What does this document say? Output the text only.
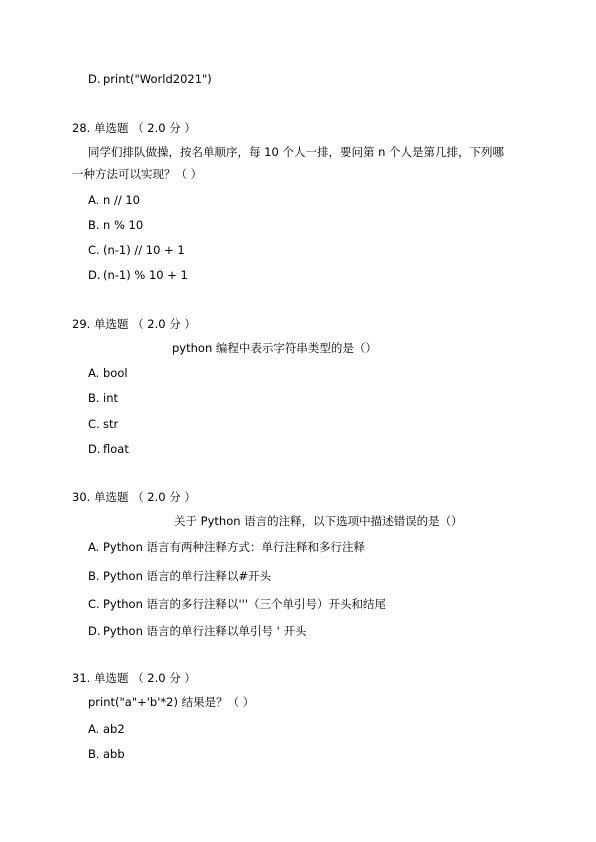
D. print("World2021")
28. 单选题 （ 2.0 分 ）
同学们排队做操，按名单顺序，每 10 个人一排，要问第 n 个人是第几排，下列哪
一种方法可以实现？（ ）
A. n // 10
B. n % 10
C. (n-1) // 10 + 1
D. (n-1) % 10 + 1
29. 单选题 （ 2.0 分 ）
python 编程中表示字符串类型的是（）
A. bool
B. int
C. str
D. float
30. 单选题 （ 2.0 分 ）
关于 Python 语言的注释，以下选项中描述错误的是（）
A. Python 语言有两种注释方式：单行注释和多行注释
B. Python 语言的单行注释以#开头
C. Python 语言的多行注释以'''（三个单引号）开头和结尾
D. Python 语言的单行注释以单引号 ' 开头
31. 单选题 （ 2.0 分 ）
print("a"+'b'*2) 结果是？（ ）
A. ab2
B. abb
